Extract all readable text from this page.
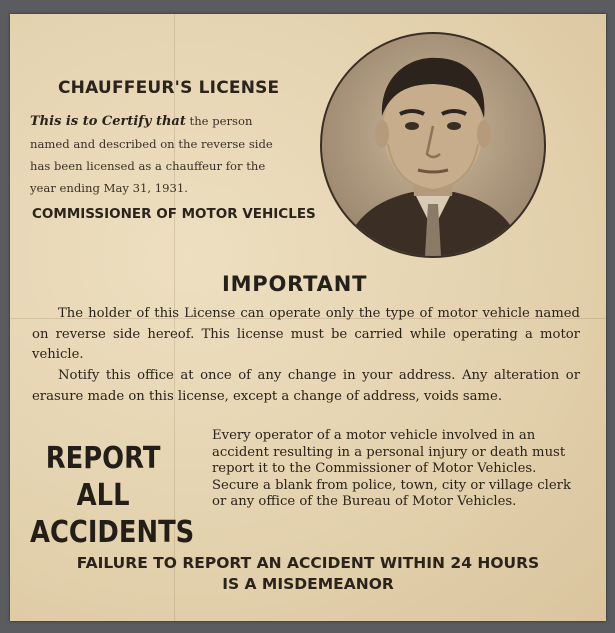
CHAUFFEUR'S LICENSE
This is to Certify that the person named and described on the reverse side has been licensed as a chauffeur for the year ending May 31, 1931.
COMMISSIONER OF MOTOR VEHICLES
IMPORTANT
The holder of this License can operate only the type of motor vehicle named on reverse side hereof. This license must be carried while operating a motor vehicle.
Notify this office at once of any change in your address. Any alteration or erasure made on this license, except a change of address, voids same.
REPORT
ALL
ACCIDENTS
Every operator of a motor vehicle involved in an accident resulting in a personal injury or death must report it to the Commissioner of Motor Vehicles. Secure a blank from police, town, city or village clerk or any office of the Bureau of Motor Vehicles.
FAILURE TO REPORT AN ACCIDENT WITHIN 24 HOURS
IS A MISDEMEANOR
